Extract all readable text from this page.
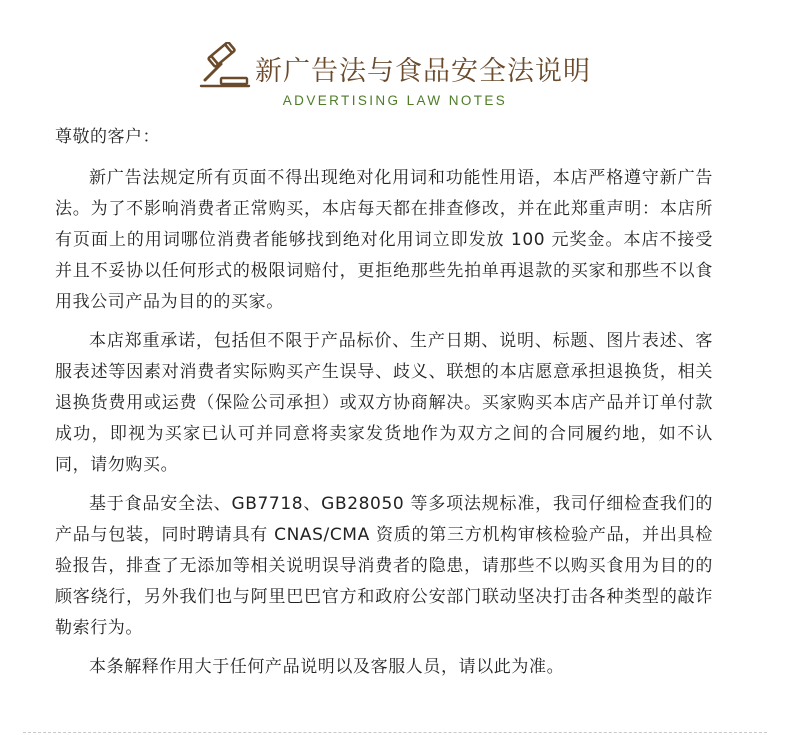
新广告法与食品安全法说明
ADVERTISING LAW NOTES

尊敬的客户：

新广告法规定所有页面不得出现绝对化用词和功能性用语，本店严格遵守新广告法。为了不影响消费者正常购买，本店每天都在排查修改，并在此郑重声明：本店所有页面上的用词哪位消费者能够找到绝对化用词立即发放 100 元奖金。本店不接受并且不妥协以任何形式的极限词赔付，更拒绝那些先拍单再退款的买家和那些不以食用我公司产品为目的的买家。

本店郑重承诺，包括但不限于产品标价、生产日期、说明、标题、图片表述、客服表述等因素对消费者实际购买产生误导、歧义、联想的本店愿意承担退换货，相关退换货费用或运费（保险公司承担）或双方协商解决。买家购买本店产品并订单付款成功，即视为买家已认可并同意将卖家发货地作为双方之间的合同履约地，如不认同，请勿购买。

基于食品安全法、GB7718、GB28050 等多项法规标准，我司仔细检查我们的产品与包装，同时聘请具有 CNAS/CMA 资质的第三方机构审核检验产品，并出具检验报告，排查了无添加等相关说明误导消费者的隐患，请那些不以购买食用为目的的顾客绕行，另外我们也与阿里巴巴官方和政府公安部门联动坚决打击各种类型的敲诈勒索行为。

本条解释作用大于任何产品说明以及客服人员，请以此为准。
